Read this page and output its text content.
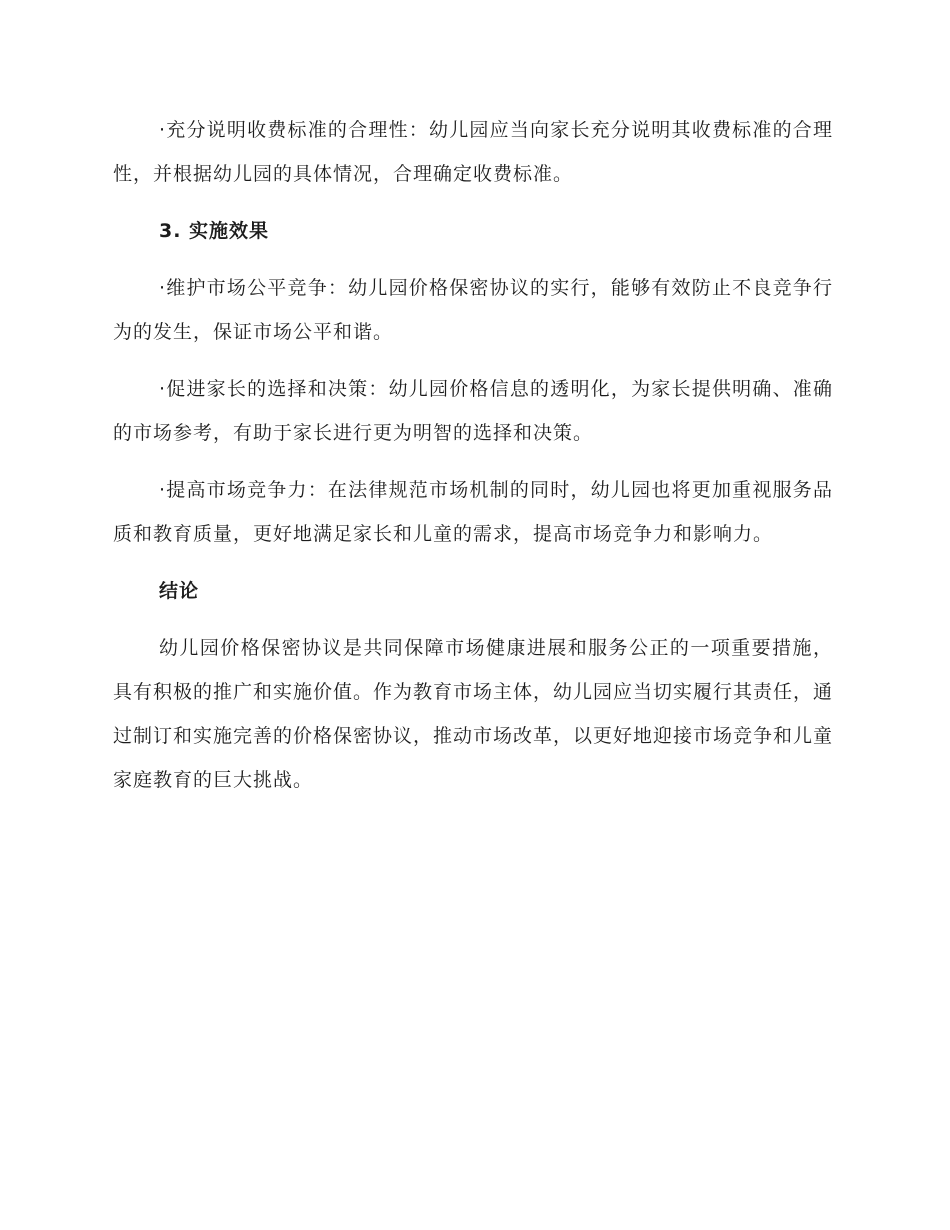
·充分说明收费标准的合理性：幼儿园应当向家长充分说明其收费标准的合理性，并根据幼儿园的具体情况，合理确定收费标准。

3. 实施效果

·维护市场公平竞争：幼儿园价格保密协议的实行，能够有效防止不良竞争行为的发生，保证市场公平和谐。

·促进家长的选择和决策：幼儿园价格信息的透明化，为家长提供明确、准确的市场参考，有助于家长进行更为明智的选择和决策。

·提高市场竞争力：在法律规范市场机制的同时，幼儿园也将更加重视服务品质和教育质量，更好地满足家长和儿童的需求，提高市场竞争力和影响力。

结论

幼儿园价格保密协议是共同保障市场健康进展和服务公正的一项重要措施，具有积极的推广和实施价值。作为教育市场主体，幼儿园应当切实履行其责任，通过制订和实施完善的价格保密协议，推动市场改革，以更好地迎接市场竞争和儿童家庭教育的巨大挑战。
